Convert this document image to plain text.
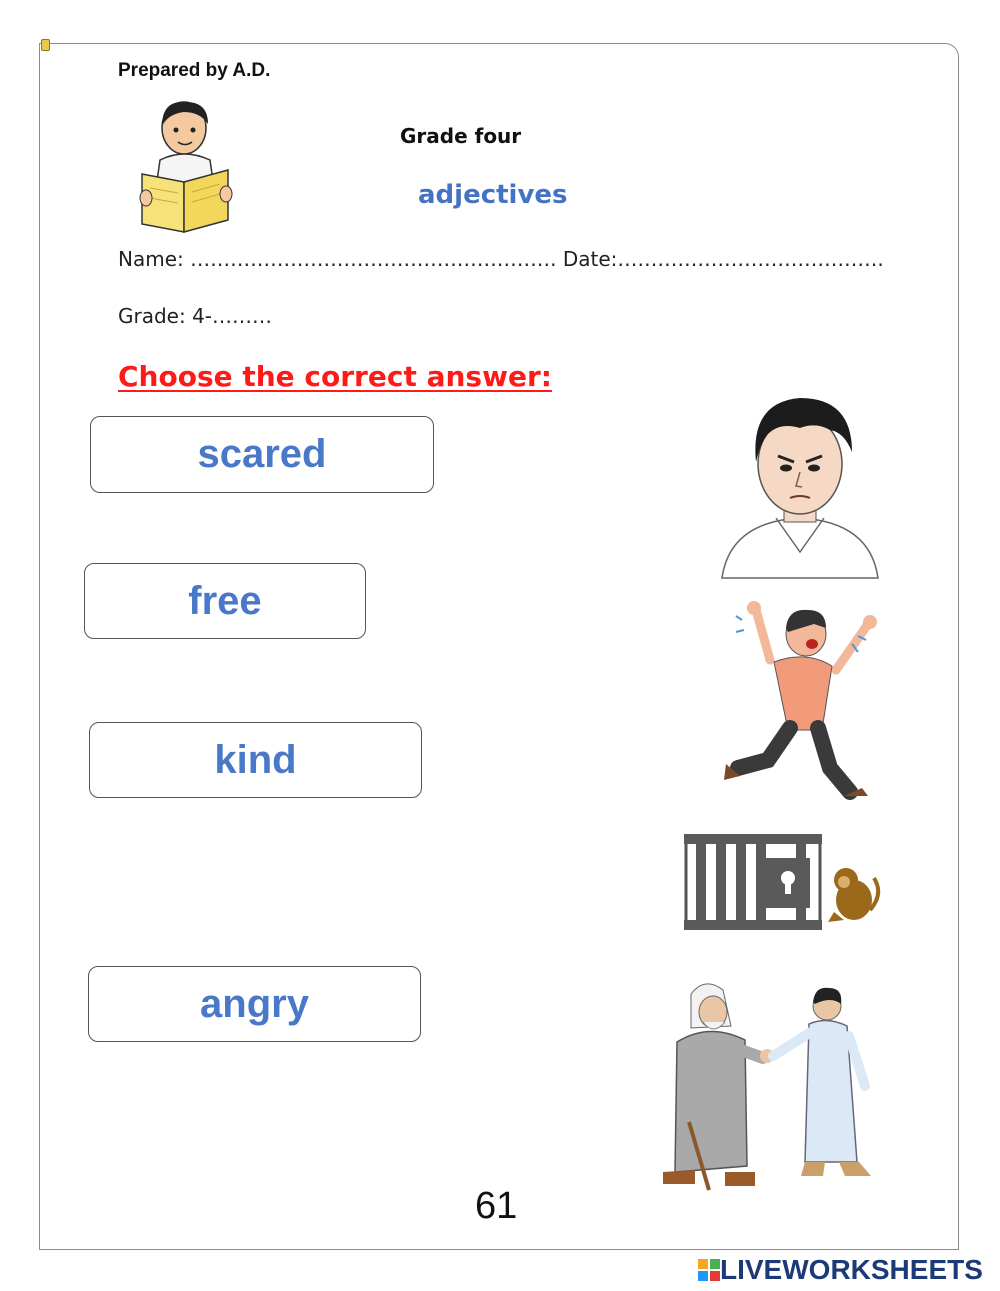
Prepared by A.D.
Grade four
adjectives
Name: ………………………………………………. Date:………………………………….
Grade: 4-………
Choose the correct answer:
scared
free
kind
angry
61
LIVEWORKSHEETS
